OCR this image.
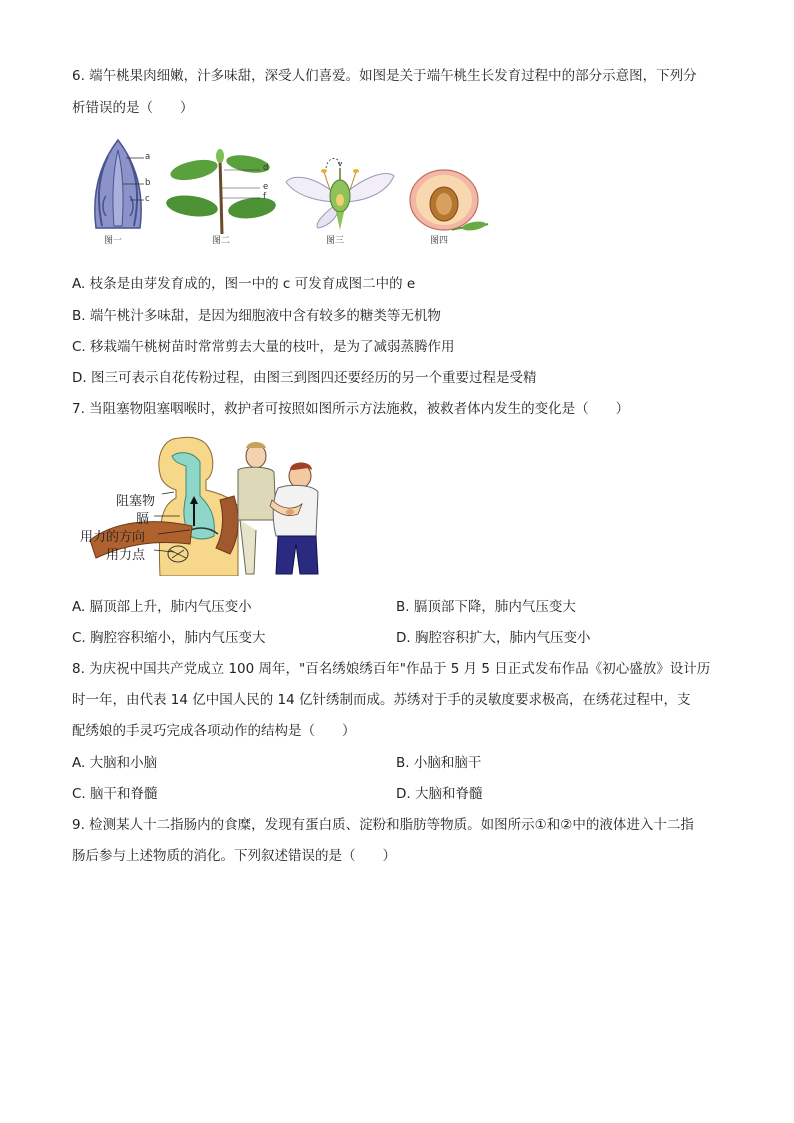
6. 端午桃果肉细嫩，汁多味甜，深受人们喜爱。如图是关于端午桃生长发育过程中的部分示意图，下列分
析错误的是（　　）
a
b
c
图一
d
e
f
图二	图三	图四
A. 枝条是由芽发育成的，图一中的 c 可发育成图二中的 e
B. 端午桃汁多味甜，是因为细胞液中含有较多的糖类等无机物
C. 移栽端午桃树苗时常常剪去大量的枝叶，是为了减弱蒸腾作用
D. 图三可表示自花传粉过程，由图三到图四还要经历的另一个重要过程是受精
7. 当阻塞物阻塞咽喉时，救护者可按照如图所示方法施救，被救者体内发生的变化是（　　）
阻塞物
膈
用力的方向
用力点
A. 膈顶部上升，肺内气压变小	B. 膈顶部下降，肺内气压变大
C. 胸腔容积缩小，肺内气压变大	D. 胸腔容积扩大，肺内气压变小
8. 为庆祝中国共产党成立 100 周年，"百名绣娘绣百年"作品于 5 月 5 日正式发布作品《初心盛放》设计历
时一年，由代表 14 亿中国人民的 14 亿针绣制而成。苏绣对于手的灵敏度要求极高，在绣花过程中，支
配绣娘的手灵巧完成各项动作的结构是（　　）
A. 大脑和小脑	B. 小脑和脑干
C. 脑干和脊髓	D. 大脑和脊髓
9. 检测某人十二指肠内的食糜，发现有蛋白质、淀粉和脂肪等物质。如图所示①和②中的液体进入十二指
肠后参与上述物质的消化。下列叙述错误的是（　　）
